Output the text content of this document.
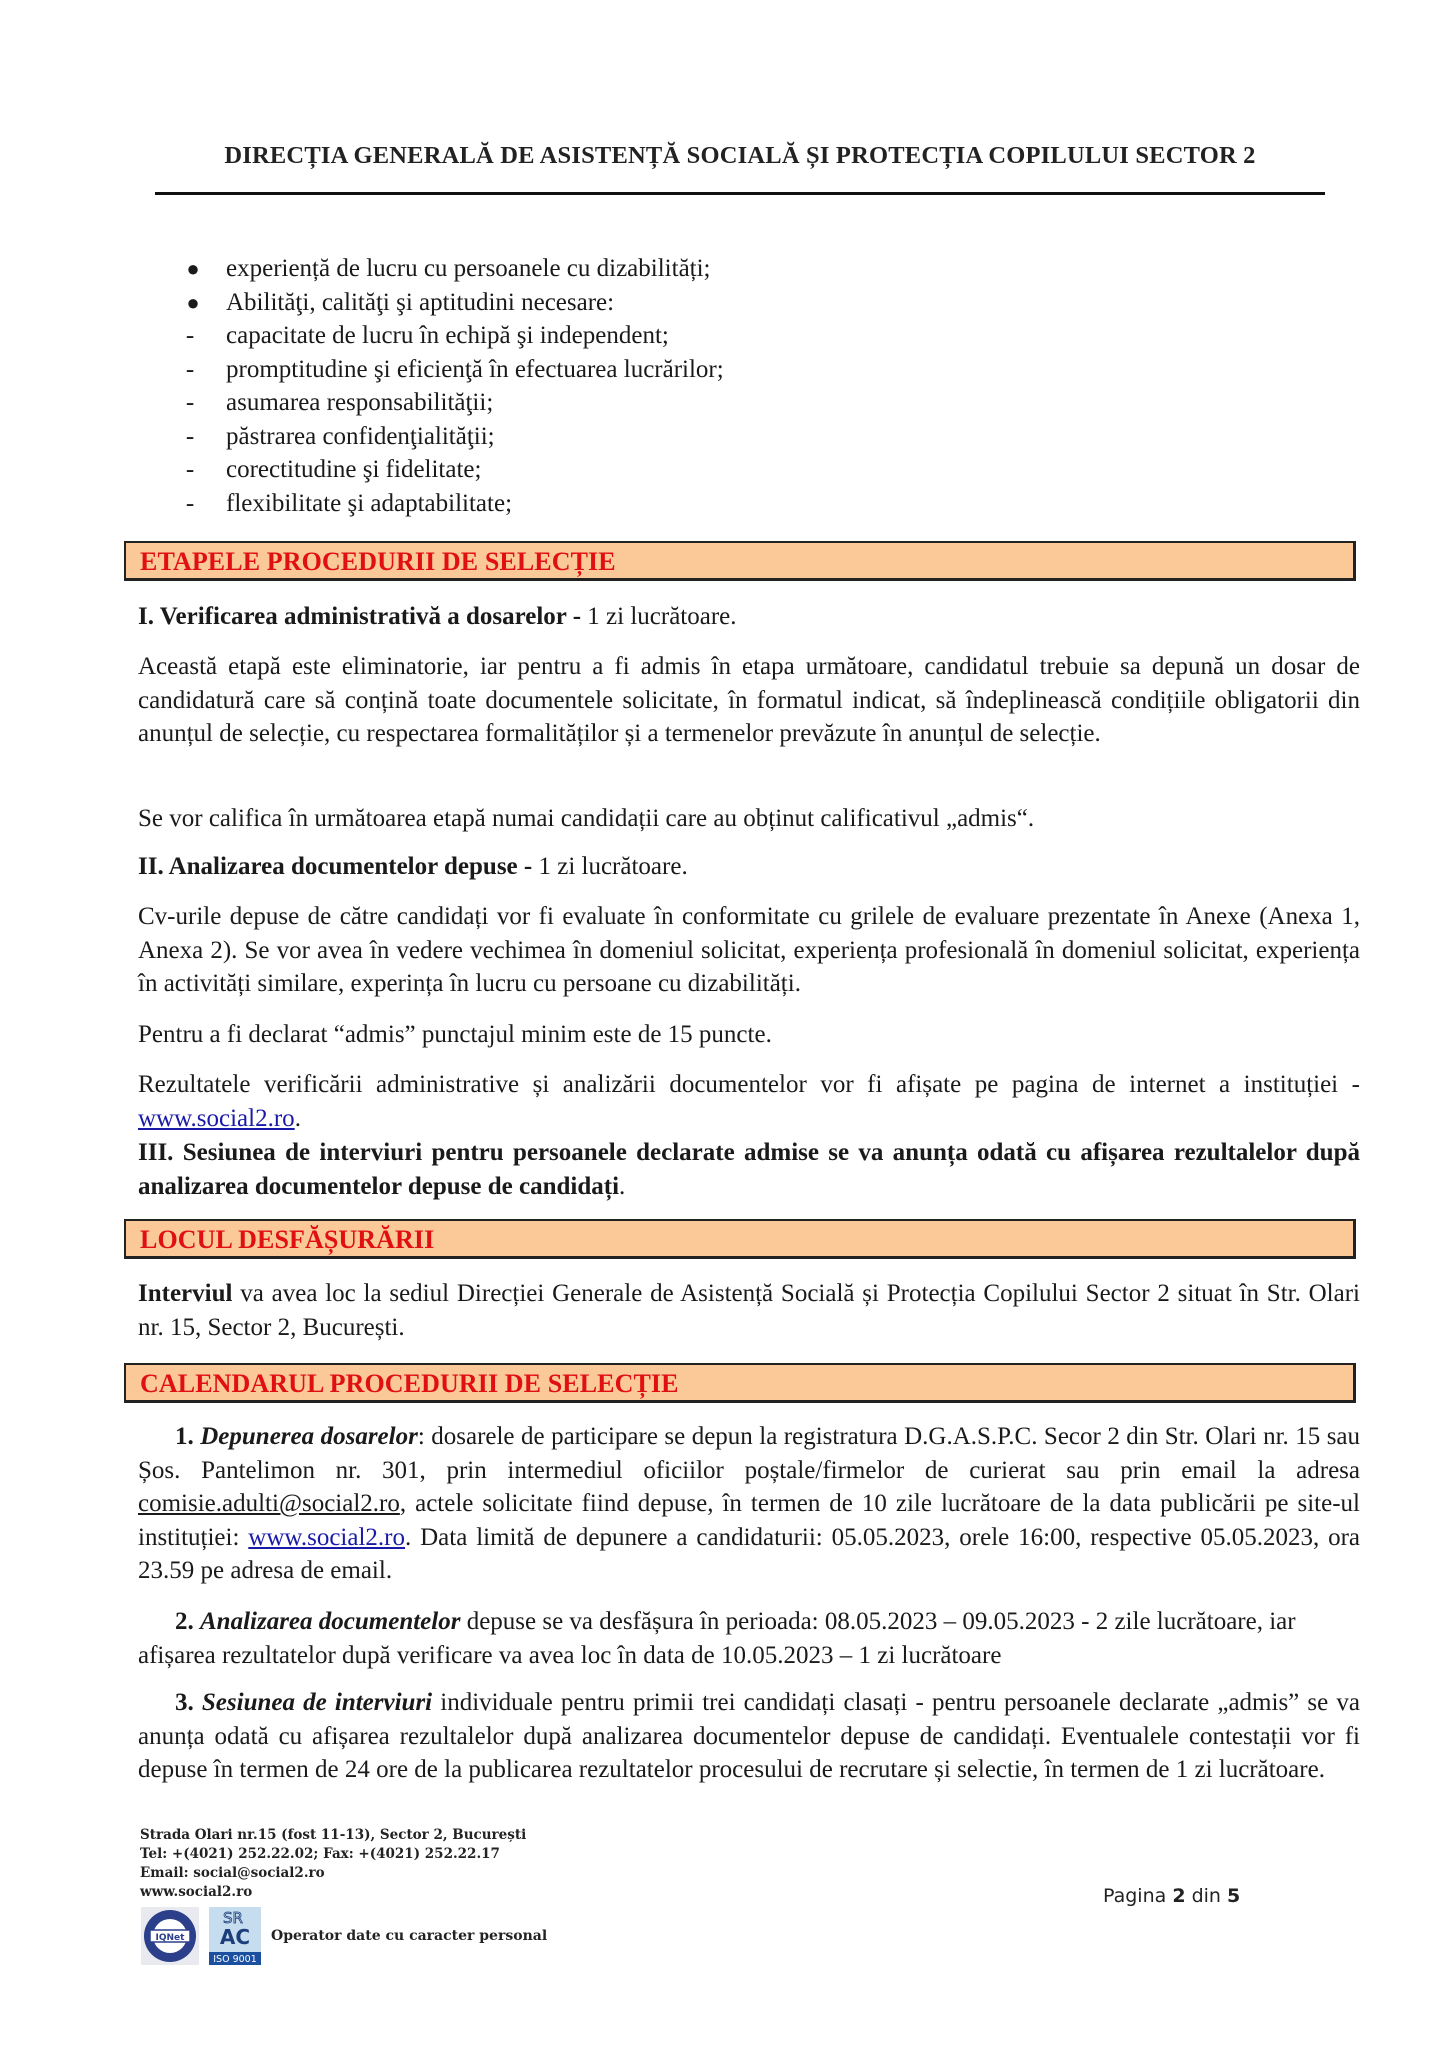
DIRECȚIA GENERALĂ DE ASISTENȚĂ SOCIALĂ ȘI PROTECȚIA COPILULUI SECTOR 2
● experiență de lucru cu persoanele cu dizabilități;
● Abilităţi, calităţi şi aptitudini necesare:
- capacitate de lucru în echipă şi independent;
- promptitudine şi eficienţă în efectuarea lucrărilor;
- asumarea responsabilităţii;
- păstrarea confidenţialităţii;
- corectitudine şi fidelitate;
- flexibilitate şi adaptabilitate;
ETAPELE PROCEDURII DE SELECȚIE
I. Verificarea administrativă a dosarelor - 1 zi lucrătoare.
Această etapă este eliminatorie, iar pentru a fi admis în etapa următoare, candidatul trebuie sa depună un dosar de candidatură care să conțină toate documentele solicitate, în formatul indicat, să îndeplinească condițiile obligatorii din anunțul de selecție, cu respectarea formalităților și a termenelor prevăzute în anunțul de selecție.
Se vor califica în următoarea etapă numai candidații care au obținut calificativul „admis“.
II. Analizarea documentelor depuse - 1 zi lucrătoare.
Cv-urile depuse de către candidați vor fi evaluate în conformitate cu grilele de evaluare prezentate în Anexe (Anexa 1, Anexa 2). Se vor avea în vedere vechimea în domeniul solicitat, experiența profesională în domeniul solicitat, experiența în activități similare, experința în lucru cu persoane cu dizabilități.
Pentru a fi declarat “admis” punctajul minim este de 15 puncte.
Rezultatele verificării administrative și analizării documentelor vor fi afișate pe pagina de internet a instituției - www.social2.ro.
III. Sesiunea de interviuri pentru persoanele declarate admise se va anunța odată cu afișarea rezultalelor după analizarea documentelor depuse de candidați.
LOCUL DESFĂȘURĂRII
Interviul va avea loc la sediul Direcției Generale de Asistență Socială și Protecția Copilului Sector 2 situat în Str. Olari nr. 15, Sector 2, București.
CALENDARUL PROCEDURII DE SELECȚIE
1. Depunerea dosarelor: dosarele de participare se depun la registratura D.G.A.S.P.C. Secor 2 din Str. Olari nr. 15 sau Șos. Pantelimon nr. 301, prin intermediul oficiilor poștale/firmelor de curierat sau prin email la adresa comisie.adulti@social2.ro, actele solicitate fiind depuse, în termen de 10 zile lucrătoare de la data publicării pe site-ul instituției: www.social2.ro. Data limită de depunere a candidaturii: 05.05.2023, orele 16:00, respective 05.05.2023, ora 23.59 pe adresa de email.
2. Analizarea documentelor depuse se va desfășura în perioada: 08.05.2023 – 09.05.2023 - 2 zile lucrătoare, iar afișarea rezultatelor după verificare va avea loc în data de 10.05.2023 – 1 zi lucrătoare
3. Sesiunea de interviuri individuale pentru primii trei candidați clasați - pentru persoanele declarate „admis” se va anunța odată cu afișarea rezultalelor după analizarea documentelor depuse de candidați. Eventualele contestații vor fi depuse în termen de 24 ore de la publicarea rezultatelor procesului de recrutare și selectie, în termen de 1 zi lucrătoare.
Strada Olari nr.15 (fost 11-13), Sector 2, București
Tel: +(4021) 252.22.02; Fax: +(4021) 252.22.17
Email: social@social2.ro
www.social2.ro
IQNet
SR
AC
ISO 9001
Operator date cu caracter personal
Pagina 2 din 5
